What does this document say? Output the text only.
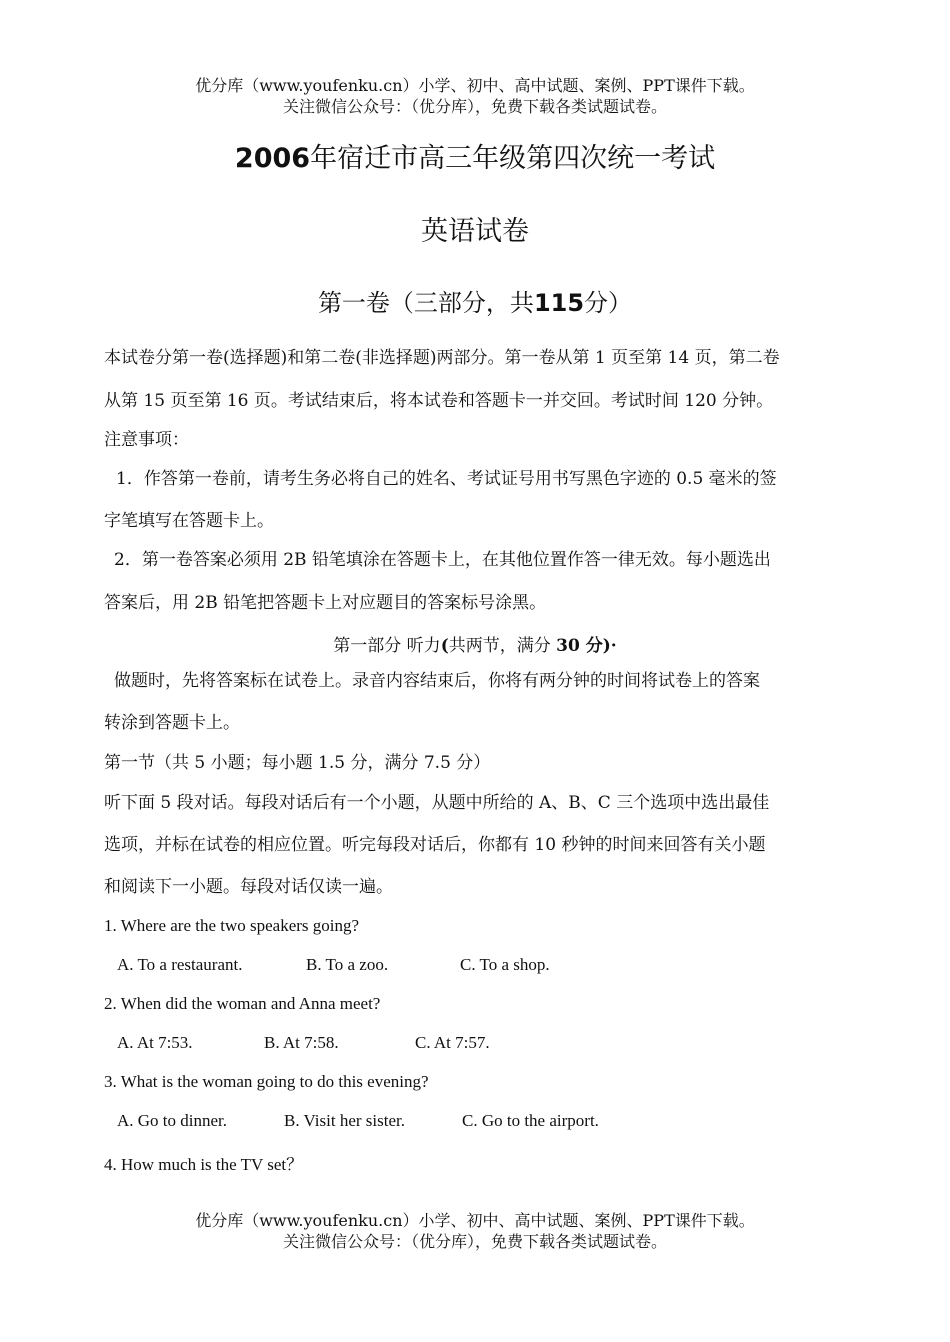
优分库（www.youfenku.cn）小学、初中、高中试题、案例、PPT课件下载。
关注微信公众号：（优分库），免费下载各类试题试卷。
2006年宿迁市高三年级第四次统一考试
英语试卷
第一卷（三部分，共115分）
本试卷分第一卷(选择题)和第二卷(非选择题)两部分。第一卷从第 1 页至第 14 页，第二卷
从第 15 页至第 16 页。考试结束后，将本试卷和答题卡一并交回。考试时间 120 分钟。
注意事项：
1．作答第一卷前，请考生务必将自己的姓名、考试证号用书写黑色字迹的 0.5 毫米的签
字笔填写在答题卡上。
2．第一卷答案必须用 2B 铅笔填涂在答题卡上，在其他位置作答一律无效。每小题选出
答案后，用 2B 铅笔把答题卡上对应题目的答案标号涂黑。
第一部分 听力(共两节，满分 30 分)·
做题时，先将答案标在试卷上。录音内容结束后，你将有两分钟的时间将试卷上的答案
转涂到答题卡上。
第一节（共 5 小题；每小题 1.5 分，满分 7.5 分）
听下面 5 段对话。每段对话后有一个小题，从题中所给的 A、B、C 三个选项中选出最佳
选项，并标在试卷的相应位置。听完每段对话后，你都有 10 秒钟的时间来回答有关小题
和阅读下一小题。每段对话仅读一遍。
1. Where are the two speakers going?
A. To a restaurant.	B. To a zoo.	C. To a shop.
2. When did the woman and Anna meet?
A. At 7:53.	B. At 7:58.	C. At 7:57.
3. What is the woman going to do this evening?
A. Go to dinner.	B. Visit her sister.	C. Go to the airport.
4. How much is the TV set？
优分库（www.youfenku.cn）小学、初中、高中试题、案例、PPT课件下载。
关注微信公众号：（优分库），免费下载各类试题试卷。
